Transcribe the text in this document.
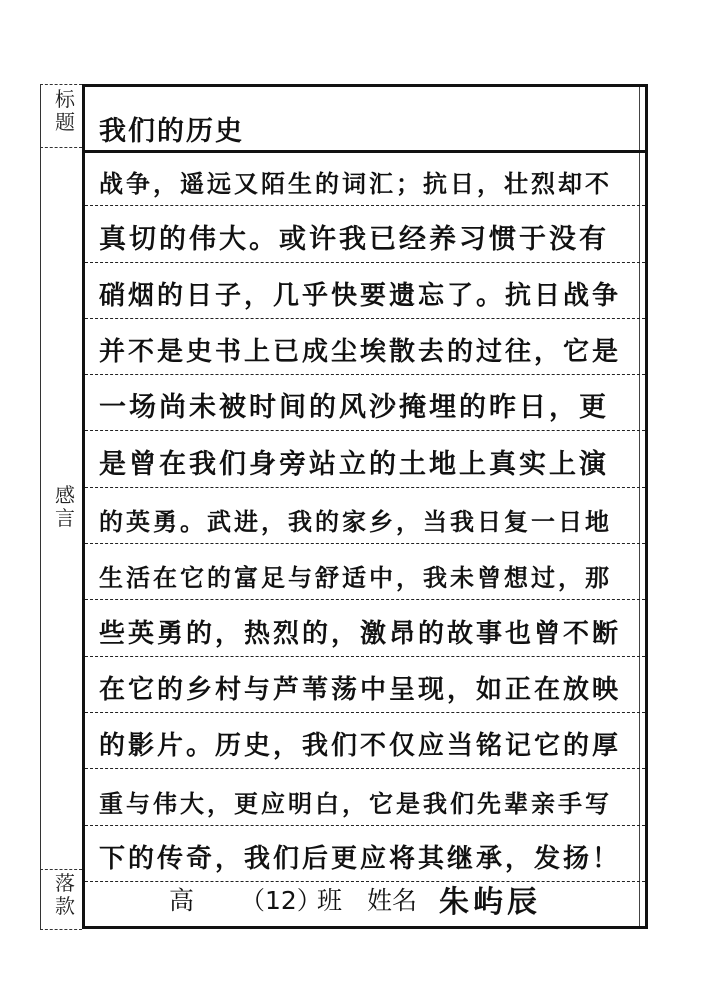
标
题
感
言
落
款
我们的历史
战争，遥远又陌生的词汇；抗日，壮烈却不
真切的伟大。或许我已经养习惯于没有
硝烟的日子，几乎快要遗忘了。抗日战争
并不是史书上已成尘埃散去的过往，它是
一场尚未被时间的风沙掩埋的昨日，更
是曾在我们身旁站立的土地上真实上演
的英勇。武进，我的家乡，当我日复一日地
生活在它的富足与舒适中，我未曾想过，那
些英勇的，热烈的，激昂的故事也曾不断
在它的乡村与芦苇荡中呈现，如正在放映
的影片。历史，我们不仅应当铭记它的厚
重与伟大，更应明白，它是我们先辈亲手写
下的传奇，我们后更应将其继承，发扬！
高 （12）
班 姓名 朱屿辰
